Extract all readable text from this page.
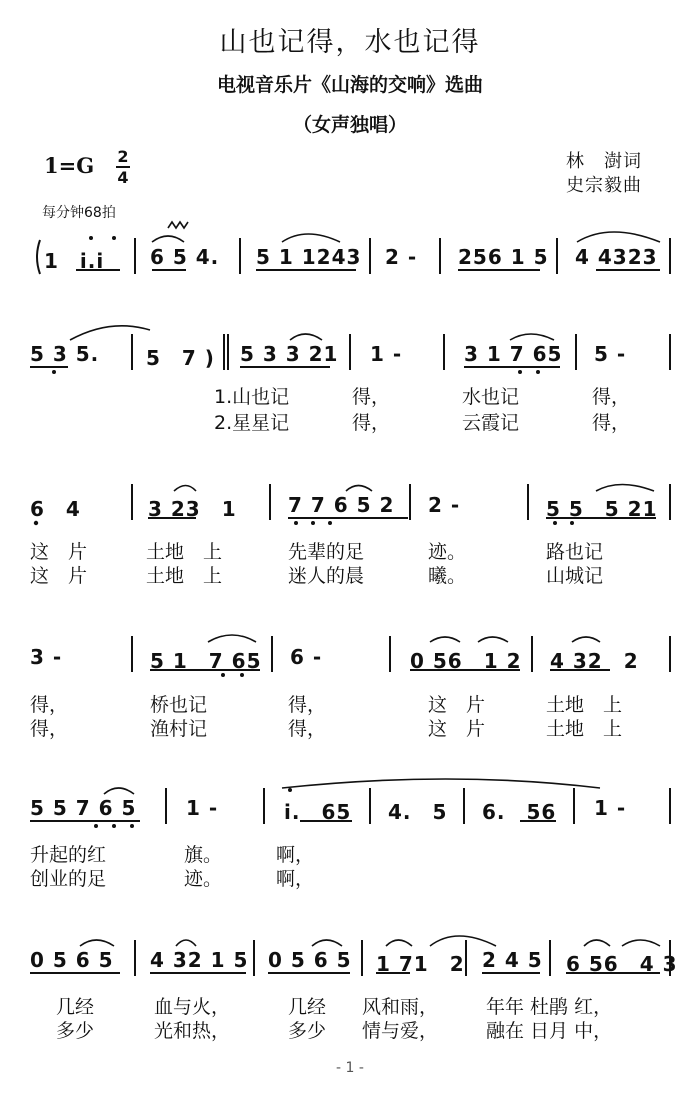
山也记得，水也记得
电视音乐片《山海的交响》选曲
（女声独唱）
1=G 2
4
林　澍词
史宗毅曲
每分钟68拍
1　i.i 6 5 4. 5 1 1243 2 - 256 1 5 4 4323
5 3 5. 5　7 ) 5 3 3 21 1 -	3 1 7 65 5 -
1.山也记	得，	水也记	得，
2.星星记	得，	云霞记	得，
6　4	3 23　1	7 7 6 5 2 2 -	5 5　5 21
这　片	土地　上	先辈的足	迹。	路也记
这　片	土地　上	迷人的晨	曦。	山城记
3 -	5 1　7 65 6 -	0 56　1 2 4 32　2
得，	桥也记	得，	这　片	土地　上
得，	渔村记	得，	这　片	土地　上
5 5 7 6 5 1 -	i.　65 4.　5 6.　56 1 -
升起的红	旗。	啊，
创业的足	迹。	啊，
0 5 6 5 4 32 1 5 0 5 6 5 1 71　2 2 4 5 6 56　4 3
几经	血与火，	几经 风和雨，	年年 杜鹃 红，
多少	光和热，	多少 情与爱，	融在 日月 中，
- 1 -
